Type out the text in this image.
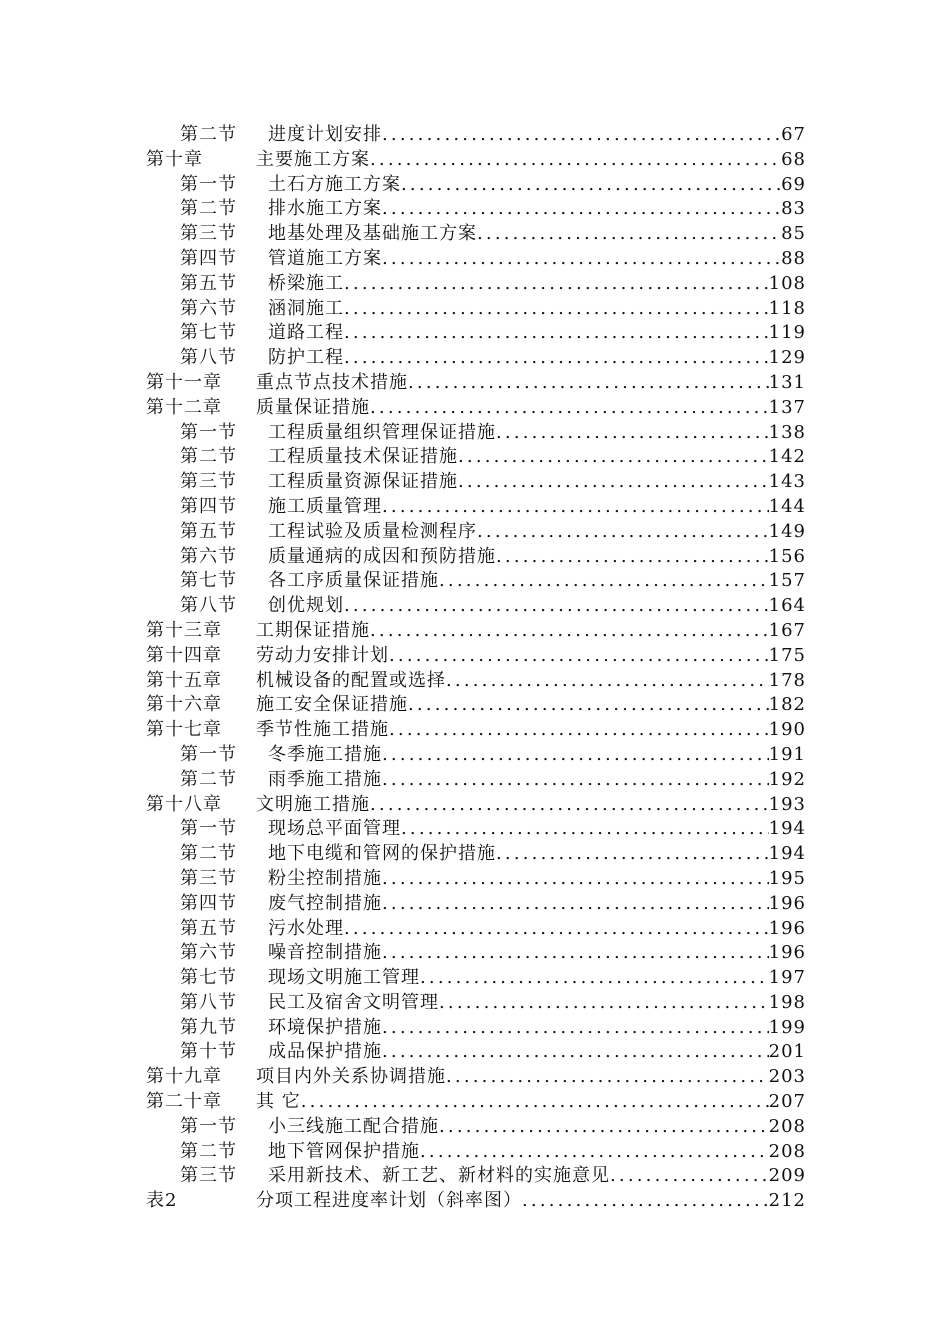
第二节	进度计划安排 .....	67
第十章	主要施工方案 .....	68
第一节	土石方施工方案 .....	69
第二节	排水施工方案 .....	83
第三节	地基处理及基础施工方案 .....	85
第四节	管道施工方案 .....	88
第五节	桥梁施工 .....	108
第六节	涵洞施工 .....	118
第七节	道路工程 .....	119
第八节	防护工程 .....	129
第十一章	重点节点技术措施 .....	131
第十二章	质量保证措施 .....	137
第一节	工程质量组织管理保证措施 .....	138
第二节	工程质量技术保证措施 .....	142
第三节	工程质量资源保证措施 .....	143
第四节	施工质量管理 .....	144
第五节	工程试验及质量检测程序 .....	149
第六节	质量通病的成因和预防措施 .....	156
第七节	各工序质量保证措施 .....	157
第八节	创优规划 .....	164
第十三章	工期保证措施 .....	167
第十四章	劳动力安排计划 .....	175
第十五章	机械设备的配置或选择 .....	178
第十六章	施工安全保证措施 .....	182
第十七章	季节性施工措施 .....	190
第一节	冬季施工措施 .....	191
第二节	雨季施工措施 .....	192
第十八章	文明施工措施 .....	193
第一节	现场总平面管理 .....	194
第二节	地下电缆和管网的保护措施 .....	194
第三节	粉尘控制措施 .....	195
第四节	废气控制措施 .....	196
第五节	污水处理 .....	196
第六节	噪音控制措施 .....	196
第七节	现场文明施工管理 .....	197
第八节	民工及宿舍文明管理 .....	198
第九节	环境保护措施 .....	199
第十节	成品保护措施 .....	201
第十九章	项目内外关系协调措施 .....	203
第二十章	其 它 .....	207
第一节	小三线施工配合措施 .....	208
第二节	地下管网保护措施 .....	208
第三节	采用新技术、新工艺、新材料的实施意见 .....	209
表2	分项工程进度率计划（斜率图） .....	212
